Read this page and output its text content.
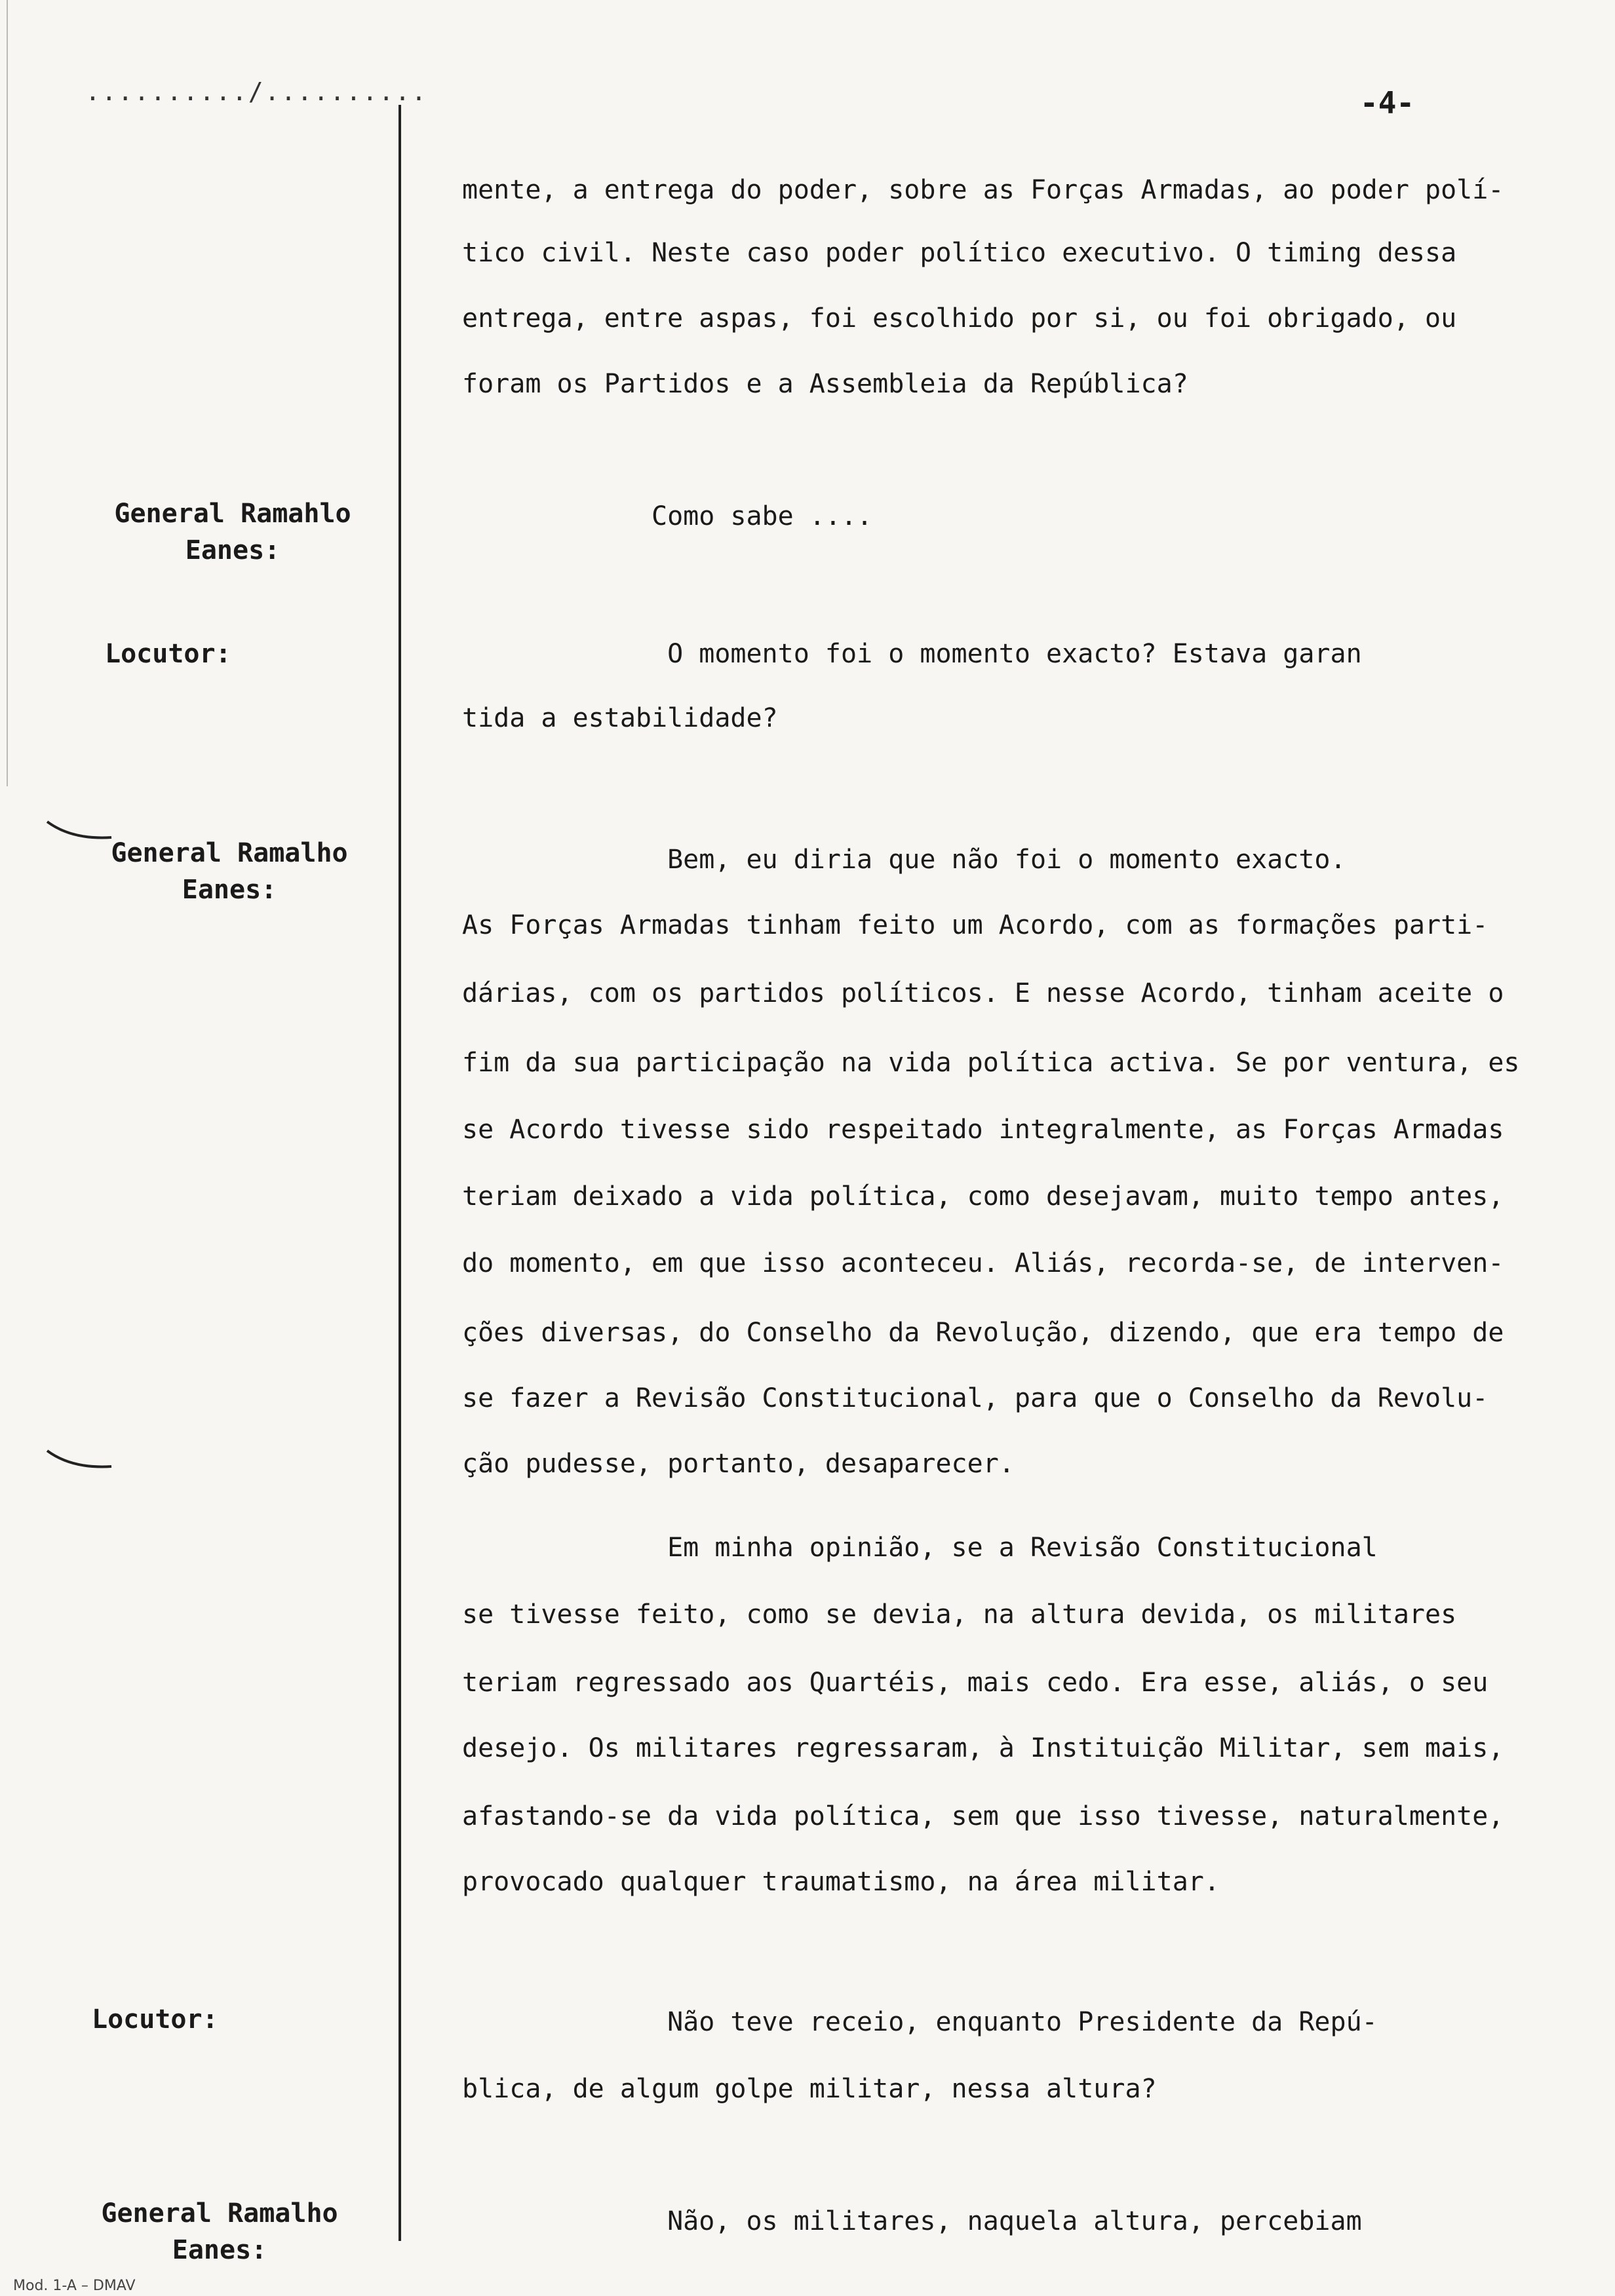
........../..........	-4-
General Ramahlo
Eanes:
Locutor:
General Ramalho
Eanes:
Locutor:
General Ramalho
Eanes:
mente, a entrega do poder, sobre as Forças Armadas, ao poder polí-
tico civil. Neste caso poder político executivo. O timing dessa
entrega, entre aspas, foi escolhido por si, ou foi obrigado, ou
foram os Partidos e a Assembleia da República?
Como sabe ....
O momento foi o momento exacto? Estava garan
tida a estabilidade?
Bem, eu diria que não foi o momento exacto.
As Forças Armadas tinham feito um Acordo, com as formações parti-
dárias, com os partidos políticos. E nesse Acordo, tinham aceite o
fim da sua participação na vida política activa. Se por ventura, es
se Acordo tivesse sido respeitado integralmente, as Forças Armadas
teriam deixado a vida política, como desejavam, muito tempo antes,
do momento, em que isso aconteceu. Aliás, recorda-se, de interven-
ções diversas, do Conselho da Revolução, dizendo, que era tempo de
se fazer a Revisão Constitucional, para que o Conselho da Revolu-
ção pudesse, portanto, desaparecer.
Em minha opinião, se a Revisão Constitucional
se tivesse feito, como se devia, na altura devida, os militares
teriam regressado aos Quartéis, mais cedo. Era esse, aliás, o seu
desejo. Os militares regressaram, à Instituição Militar, sem mais,
afastando-se da vida política, sem que isso tivesse, naturalmente,
provocado qualquer traumatismo, na área militar.
Não teve receio, enquanto Presidente da Repú-
blica, de algum golpe militar, nessa altura?
Não, os militares, naquela altura, percebiam
Mod. 1-A – DMAV
